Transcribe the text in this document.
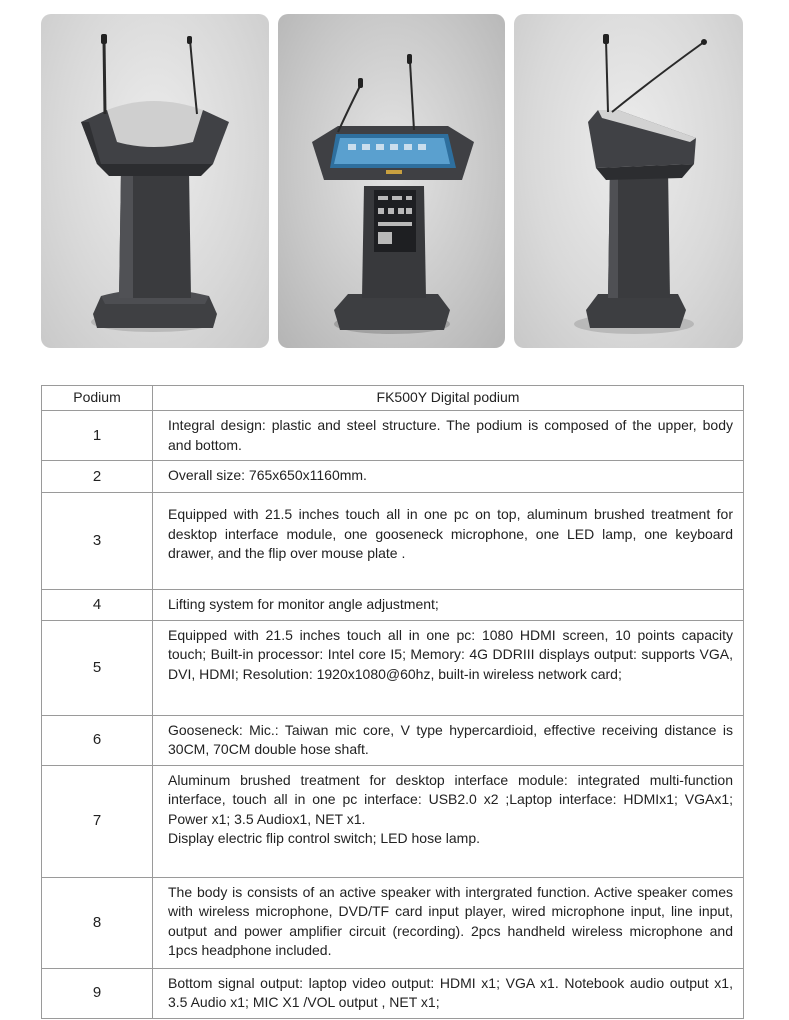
Podium	FK500Y Digital podium
1	Integral design: plastic and steel structure. The podium is composed of the upper, body and bottom.

2	Overall size: 765x650x1160mm.

3	Equipped with 21.5 inches touch all in one pc on top, aluminum brushed treatment for desktop interface module, one gooseneck microphone, one LED lamp, one keyboard drawer, and the flip over mouse plate .

4	Lifting system for monitor angle adjustment;

5	Equipped with 21.5 inches touch all in one pc: 1080 HDMI screen, 10 points capacity touch; Built-in processor: Intel core I5; Memory: 4G DDRIII displays output: supports VGA, DVI, HDMI; Resolution: 1920x1080@60hz, built-in wireless network card;

6	Gooseneck: Mic.: Taiwan mic core, V type hypercardioid, effective receiving distance is 30CM, 70CM double hose shaft.

7	Aluminum brushed treatment for desktop interface module: integrated multi-function interface, touch all in one pc interface: USB2.0 x2 ;Laptop interface: HDMIx1; VGAx1; Power x1; 3.5 Audiox1, NET x1.
Display electric flip control switch; LED hose lamp.

8	The body is consists of an active speaker with intergrated function. Active speaker comes with wireless microphone, DVD/TF card input player, wired microphone input, line input, output and power amplifier circuit (recording). 2pcs handheld wireless microphone and 1pcs headphone included.

9	Bottom signal output: laptop video output: HDMI x1; VGA x1. Notebook audio output x1, 3.5 Audio x1; MIC X1 /VOL output , NET x1;
